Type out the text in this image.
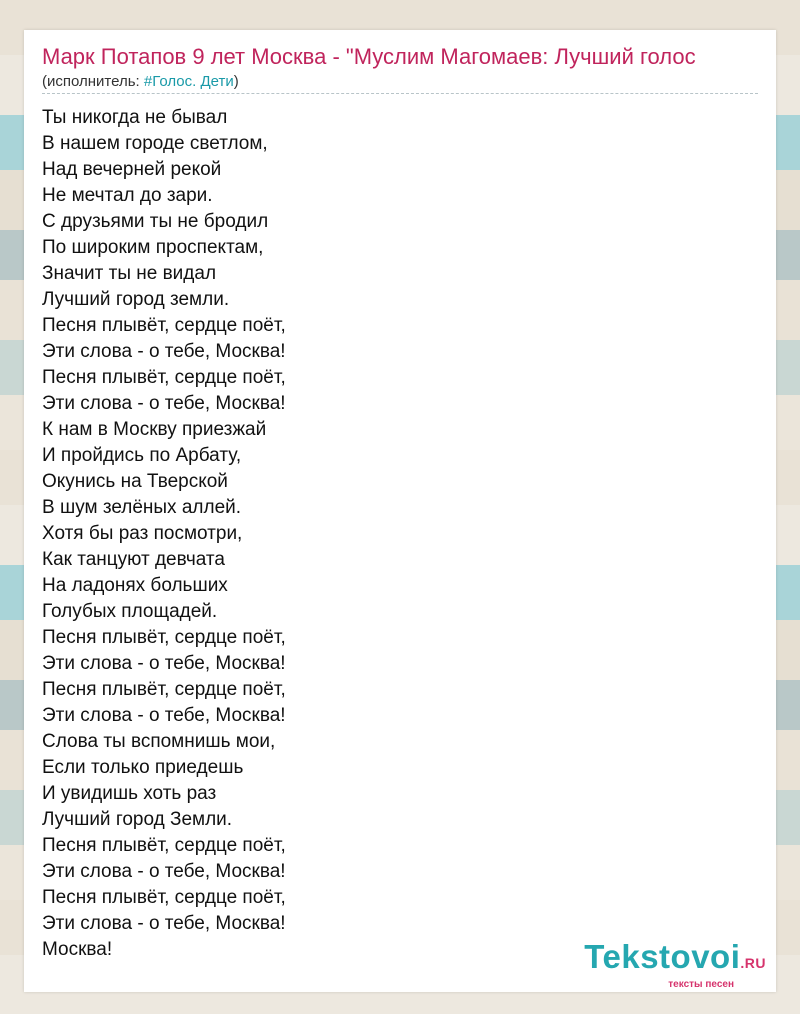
Марк Потапов 9 лет Москва - "Муслим Магомаев: Лучший голос
(исполнитель: #Голос. Дети)
Ты никогда не бывал
В нашем городе светлом,
Над вечерней рекой
Не мечтал до зари.
С друзьями ты не бродил
По широким проспектам,
Значит ты не видал
Лучший город земли.
Песня плывёт, сердце поёт,
Эти слова - о тебе, Москва!
Песня плывёт, сердце поёт,
Эти слова - о тебе, Москва!
К нам в Москву приезжай
И пройдись по Арбату,
Окунись на Тверской
В шум зелёных аллей.
Хотя бы раз посмотри,
Как танцуют девчата
На ладонях больших
Голубых площадей.
Песня плывёт, сердце поёт,
Эти слова - о тебе, Москва!
Песня плывёт, сердце поёт,
Эти слова - о тебе, Москва!
Слова ты вспомнишь мои,
Если только приедешь
И увидишь хоть раз
Лучший город Земли.
Песня плывёт, сердце поёт,
Эти слова - о тебе, Москва!
Песня плывёт, сердце поёт,
Эти слова - о тебе, Москва!
Москва!	Tekstovoi.RU
тексты песен
